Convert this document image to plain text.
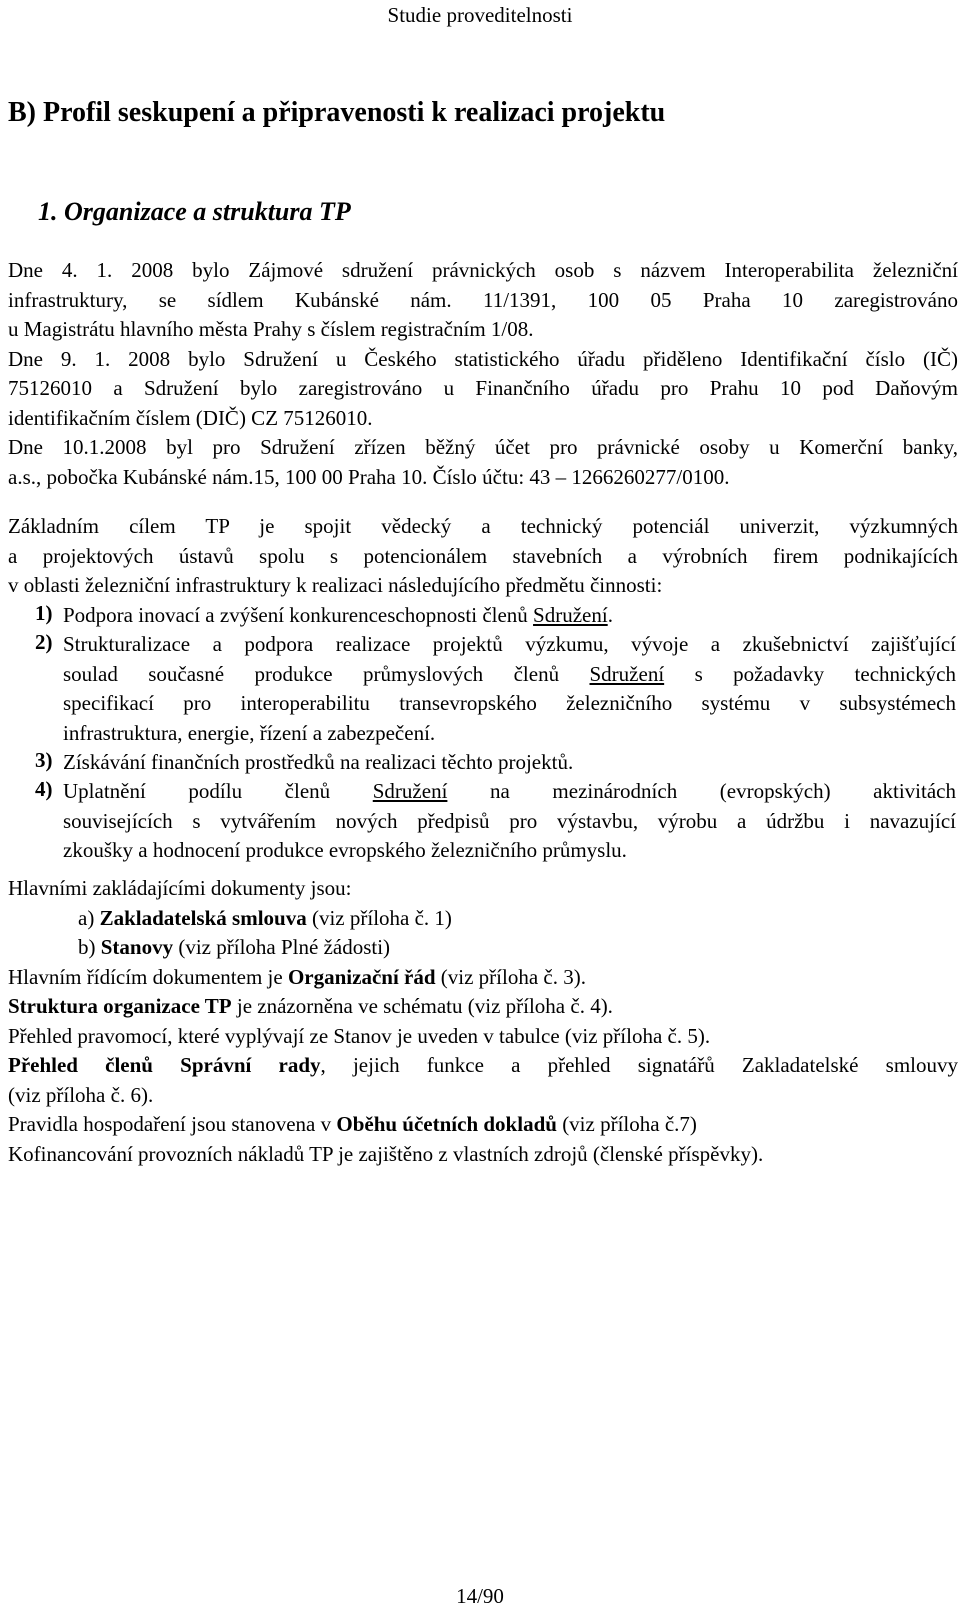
Studie proveditelnosti
B) Profil seskupení a připravenosti k realizaci projektu
1. Organizace a struktura TP
Dne 4. 1. 2008 bylo Zájmové sdružení právnických osob s názvem Interoperabilita železniční
infrastruktury, se sídlem Kubánské nám. 11/1391, 100 05 Praha 10 zaregistrováno
u Magistrátu hlavního města Prahy s číslem registračním 1/08.
Dne 9. 1. 2008 bylo Sdružení u Českého statistického úřadu přiděleno Identifikační číslo (IČ)
75126010 a Sdružení bylo zaregistrováno u Finančního úřadu pro Prahu 10 pod Daňovým
identifikačním číslem (DIČ) CZ 75126010.
Dne 10.1.2008 byl pro Sdružení zřízen běžný účet pro právnické osoby u Komerční banky,
a.s., pobočka Kubánské nám.15, 100 00 Praha 10. Číslo účtu: 43 – 1266260277/0100.
Základním cílem TP je spojit vědecký a technický potenciál univerzit, výzkumných
a projektových ústavů spolu s potencionálem stavebních a výrobních firem podnikajících
v oblasti železniční infrastruktury k realizaci následujícího předmětu činnosti:
1) Podpora inovací a zvýšení konkurenceschopnosti členů Sdružení.
2) Strukturalizace a podpora realizace projektů výzkumu, vývoje a zkušebnictví zajišťující
soulad současné produkce průmyslových členů Sdružení s požadavky technických
specifikací pro interoperabilitu transevropského železničního systému v subsystémech
infrastruktura, energie, řízení a zabezpečení.
3) Získávání finančních prostředků na realizaci těchto projektů.
4) Uplatnění podílu členů Sdružení na mezinárodních (evropských) aktivitách
souvisejících s vytvářením nových předpisů pro výstavbu, výrobu a údržbu i navazující
zkoušky a hodnocení produkce evropského železničního průmyslu.
Hlavními zakládajícími dokumenty jsou:
a) Zakladatelská smlouva (viz příloha č. 1)
b) Stanovy (viz příloha Plné žádosti)
Hlavním řídícím dokumentem je Organizační řád (viz příloha č. 3).
Struktura organizace TP je znázorněna ve schématu (viz příloha č. 4).
Přehled pravomocí, které vyplývají ze Stanov je uveden v tabulce (viz příloha č. 5).
Přehled členů Správní rady, jejich funkce a přehled signatářů Zakladatelské smlouvy
(viz příloha č. 6).
Pravidla hospodaření jsou stanovena v Oběhu účetních dokladů (viz příloha č.7)
Kofinancování provozních nákladů TP je zajištěno z vlastních zdrojů (členské příspěvky).
14/90
